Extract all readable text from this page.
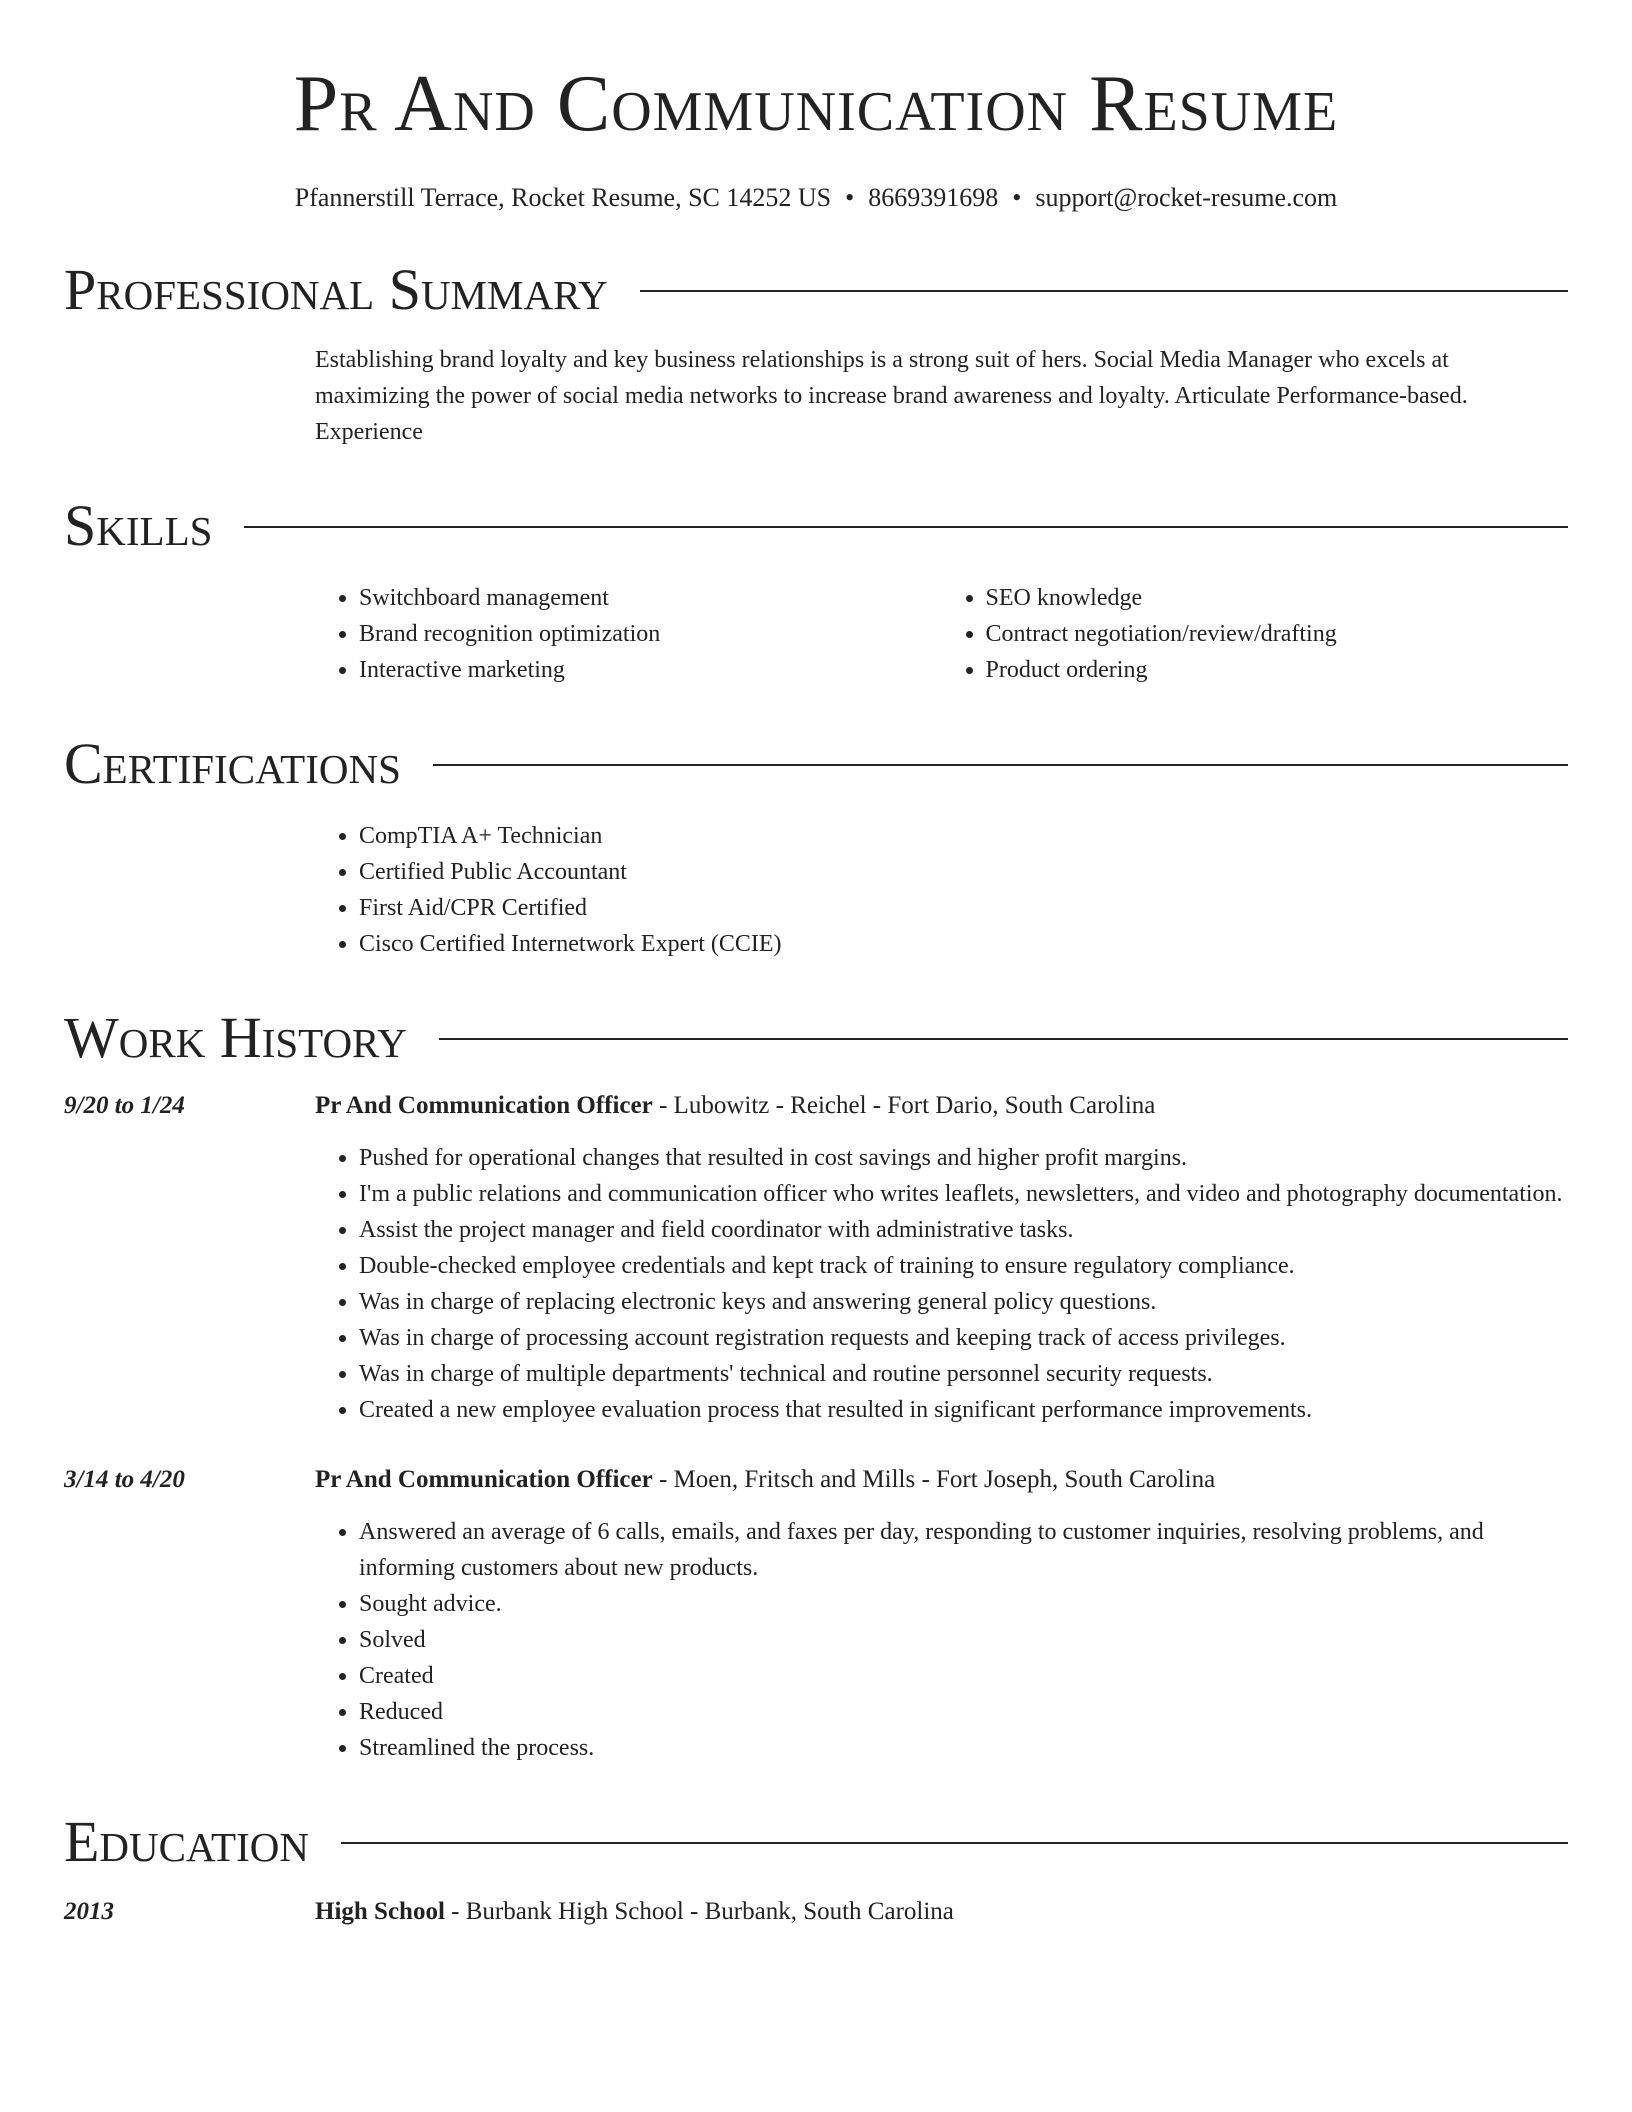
Pr And Communication Resume
Pfannerstill Terrace, Rocket Resume, SC 14252 US • 8669391698 • support@rocket-resume.com
Professional Summary
Establishing brand loyalty and key business relationships is a strong suit of hers. Social Media Manager who excels at maximizing the power of social media networks to increase brand awareness and loyalty. Articulate Performance-based. Experience
Skills
• Switchboard management
• Brand recognition optimization
• Interactive marketing
• SEO knowledge
• Contract negotiation/review/drafting
• Product ordering
Certifications
• CompTIA A+ Technician
• Certified Public Accountant
• First Aid/CPR Certified
• Cisco Certified Internetwork Expert (CCIE)
Work History
9/20 to 1/24	Pr And Communication Officer - Lubowitz - Reichel - Fort Dario, South Carolina
• Pushed for operational changes that resulted in cost savings and higher profit margins.
• I'm a public relations and communication officer who writes leaflets, newsletters, and video and photography documentation.
• Assist the project manager and field coordinator with administrative tasks.
• Double-checked employee credentials and kept track of training to ensure regulatory compliance.
• Was in charge of replacing electronic keys and answering general policy questions.
• Was in charge of processing account registration requests and keeping track of access privileges.
• Was in charge of multiple departments' technical and routine personnel security requests.
• Created a new employee evaluation process that resulted in significant performance improvements.
3/14 to 4/20	Pr And Communication Officer - Moen, Fritsch and Mills - Fort Joseph, South Carolina
• Answered an average of 6 calls, emails, and faxes per day, responding to customer inquiries, resolving problems, and informing customers about new products.
• Sought advice.
• Solved
• Created
• Reduced
• Streamlined the process.
Education
2013	High School - Burbank High School - Burbank, South Carolina
